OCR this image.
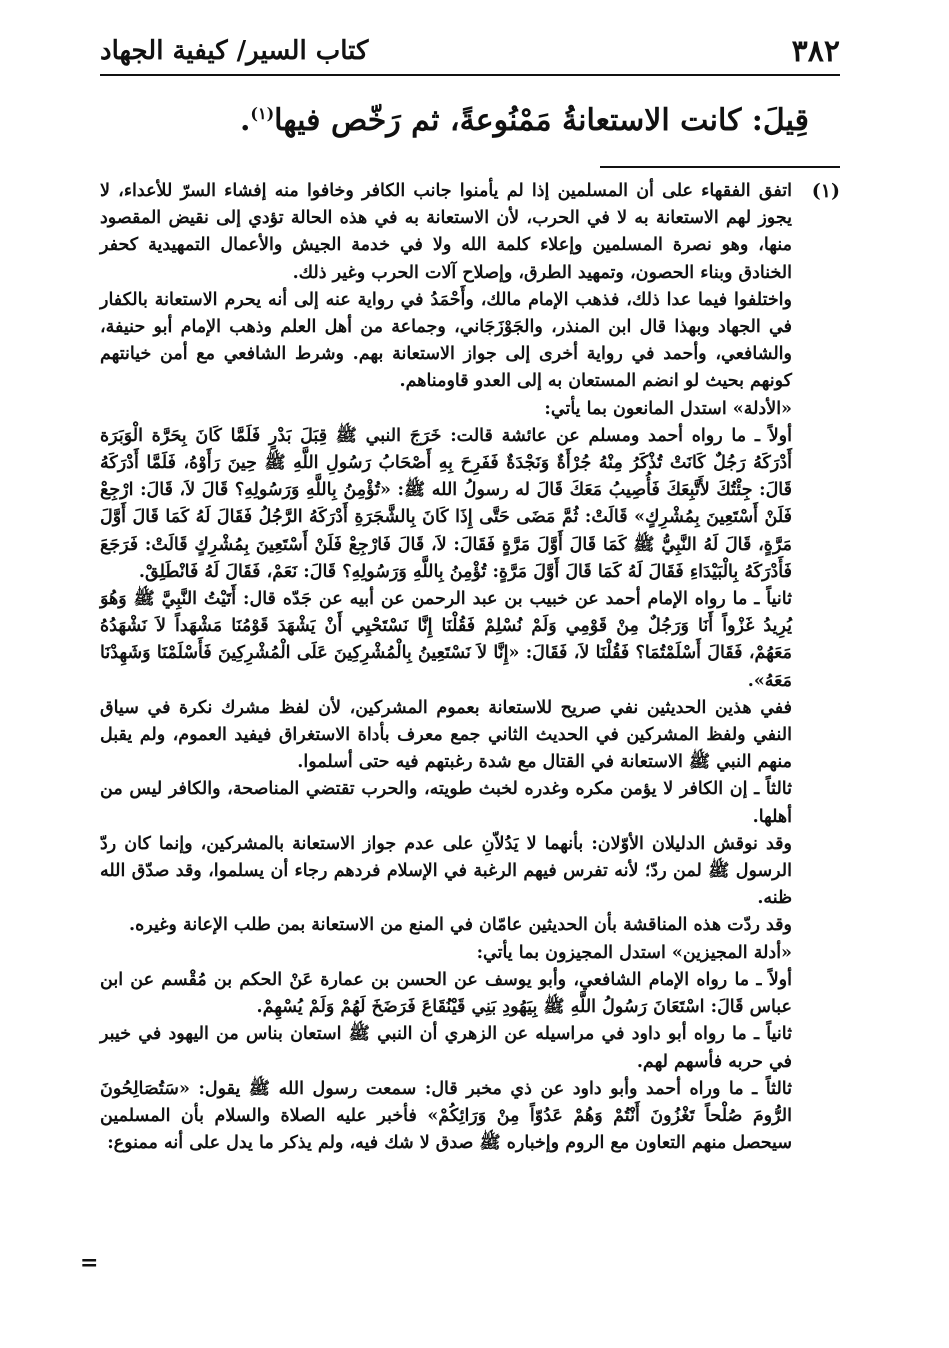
٣٨٢
كتاب السير/ كيفية الجهاد
قِيلَ: كانت الاستعانةُ مَمْنُوعةً، ثم رَخّص فيها$^{(١)}$.
(١)

اتفق الفقهاء على أن المسلمين إذا لم يأمنوا جانب الكافر وخافوا منه إفشاء السرّ للأعداء، لا يجوز لهم الاستعانة به لا في الحرب، لأن الاستعانة به في هذه الحالة تؤدي إلى نقيض المقصود منها، وهو نصرة المسلمين وإعلاء كلمة الله ولا في خدمة الجيش والأعمال التمهيدية كحفر الخنادق وبناء الحصون، وتمهيد الطرق، وإصلاح آلات الحرب وغير ذلك.

واختلفوا فيما عدا ذلك، فذهب الإمام مالك، وأَحْمَدُ في رواية عنه إلى أنه يحرم الاستعانة بالكفار في الجهاد وبهذا قال ابن المنذر، والجَوْزَجَاني، وجماعة من أهل العلم وذهب الإمام أبو حنيفة، والشافعي، وأحمد في رواية أخرى إلى جواز الاستعانة بهم. وشرط الشافعي مع أمن خيانتهم كونهم بحيث لو انضم المستعان به إلى العدو قاومناهم.

«الأدلة» استدل المانعون بما يأتي:

أولاً ـ ما رواه أحمد ومسلم عن عائشة قالت: خَرَجَ النبي ﷺ قِبَلَ بَدْرٍ فَلَمَّا كَانَ بِحَرَّة الْوَبَرَة أَدْرَكَهُ رَجُلٌ كَانَتْ تُذْكَرُ مِنْهُ جُرْأَةٌ وَنَجْدَةٌ فَفَرِحَ بِهِ أَصْحَابُ رَسُولِ اللَّهِ ﷺ حِينَ رَأَوْهُ، فَلَمَّا أَدْرَكَهُ قَالَ: جِئْتُكَ لأَتَّبِعَكَ فَأُصِيبُ مَعَكَ قَالَ له رسولُ الله ﷺ: «تُؤْمِنُ بِاللَّهِ وَرَسُولِهِ؟ قَالَ لاَ، قَالَ: ارْجِعْ فَلَنْ أَسْتَعِينَ بِمُشْرِكٍ» قَالَتْ: ثُمَّ مَضَى حَتَّى إِذَا كَانَ بِالشَّجَرَةِ أَدْرَكَهُ الرَّجُلُ فَقَالَ لَهُ كَمَا قَالَ أَوَّلَ مَرَّةٍ، قَالَ لَهُ النَّبِيُّ ﷺ كَمَا قَالَ أَوَّلَ مَرَّةٍ فَقَالَ: لاَ، قَالَ فَارْجِعْ فَلَنْ أَسْتَعِينَ بِمُشْرِكٍ قَالَتْ: فَرَجَعَ فَأَدْرَكَهُ بِالْبَيْدَاءِ فَقَالَ لَهُ كَمَا قَالَ أَوَّلَ مَرَّةٍ: تُؤْمِنُ بِاللَّهِ وَرَسُولِهِ؟ قَالَ: نَعَمْ، فَقَالَ لَهُ فَانْطَلِقْ.

ثانياً ـ ما رواه الإمام أحمد عن خبيب بن عبد الرحمن عن أبيه عن جَدّه قال: أَتَيْتُ النَّبِيَّ ﷺ وَهُوَ يُرِيدُ غَزْواً أَنَا وَرَجُلٌ مِنْ قَوْمِي وَلَمْ نُسْلِمْ فَقُلْنَا إِنَّا نَسْتَحْيِي أَنْ يَشْهَدَ قَوْمُنَا مَشْهَداً لاَ نَشْهَدُهُ مَعَهُمْ، فَقَالَ أَسْلَمْتُمَا؟ فَقُلْنَا لاَ، فَقَالَ: «إِنَّا لاَ نَسْتَعِينُ بِالْمُشْرِكِينَ عَلَى الْمُشْرِكِينَ فَأَسْلَمْنَا وَشَهِدْنَا مَعَهُ».

ففي هذين الحديثين نفي صريح للاستعانة بعموم المشركين، لأن لفظ مشرك نكرة في سياق النفي ولفظ المشركين في الحديث الثاني جمع معرف بأداة الاستغراق فيفيد العموم، ولم يقبل منهم النبي ﷺ الاستعانة في القتال مع شدة رغبتهم فيه حتى أسلموا.

ثالثاً ـ إن الكافر لا يؤمن مكره وغدره لخبث طويته، والحرب تقتضي المناصحة، والكافر ليس من أهلها.

وقد نوقش الدليلان الأوّلان: بأنهما لا يَدُلاّنِ على عدم جواز الاستعانة بالمشركين، وإنما كان ردّ الرسول ﷺ لمن ردّ؛ لأنه تفرس فيهم الرغبة في الإسلام فردهم رجاء أن يسلموا، وقد صدّق الله ظنه.

وقد ردّت هذه المناقشة بأن الحديثين عامّان في المنع من الاستعانة بمن طلب الإعانة وغيره.

«أدلة المجيزين» استدل المجيزون بما يأتي:

أولاً ـ ما رواه الإمام الشافعي، وأبو يوسف عن الحسن بن عمارة عَنْ الحكم بن مُقْسم عن ابن عباس قَالَ: اسْتَعَانَ رَسُولُ اللَّهِ ﷺ بِيَهُودِ بَنِي قَيْنُقَاعَ فَرَضَخَ لَهُمْ وَلَمْ يُسْهِمْ.

ثانياً ـ ما رواه أبو داود في مراسيله عن الزهري أن النبي ﷺ استعان بناس من اليهود في خيبر في حربه فأسهم لهم.

ثالثاً ـ ما وراه أحمد وأبو داود عن ذي مخبر قال: سمعت رسول الله ﷺ يقول: «سَتُصَالِحُونَ الرُّومَ صُلْحاً تَغْزُونَ أَنْتُمْ وَهُمْ عَدُوّاً مِنْ وَرَائِكُمْ» فأخبر عليه الصلاة والسلام بأن المسلمين سيحصل منهم التعاون مع الروم وإخباره ﷺ صدق لا شك فيه، ولم يذكر ما يدل على أنه ممنوع:

=
